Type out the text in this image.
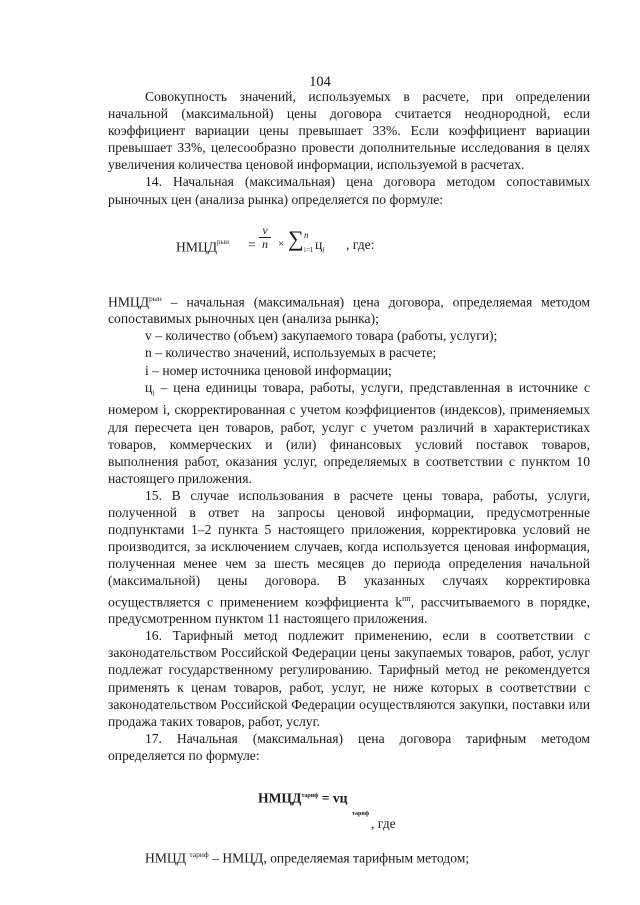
104

Совокупность значений, используемых в расчете, при определении начальной (максимальной) цены договора считается неоднородной, если коэффициент вариации цены превышает 33%. Если коэффициент вариации превышает 33%, целесообразно провести дополнительные исследования в целях увеличения количества ценовой информации, используемой в расчетах.

14. Начальная (максимальная) цена договора методом сопоставимых рыночных цен (анализа рынка) определяется по формуле:

$НМЦД^{рын} = \frac{v}{n}$ × ∑ n
i=1 $ц_i$ , где:

$НМЦД^{рын}$ – начальная (максимальная) цена договора, определяемая методом сопоставимых рыночных цен (анализа рынка);

v – количество (объем) закупаемого товара (работы, услуги);

n – количество значений, используемых в расчете;

i – номер источника ценовой информации;

$ц_i$ – цена единицы товара, работы, услуги, представленная в источнике с номером i, скорректированная с учетом коэффициентов (индексов), применяемых для пересчета цен товаров, работ, услуг с учетом различий в характеристиках товаров, коммерческих и (или) финансовых условий поставок товаров, выполнения работ, оказания услуг, определяемых в соответствии с пунктом 10 настоящего приложения.

15. В случае использования в расчете цены товара, работы, услуги, полученной в ответ на запросы ценовой информации, предусмотренные подпунктами 1–2 пункта 5 настоящего приложения, корректировка условий не производится, за исключением случаев, когда используется ценовая информация, полученная менее чем за шесть месяцев до периода определения начальной (максимальной) цены договора. В указанных случаях корректировка осуществляется с применением коэффициента $k^{пп}$, рассчитываемого в порядке, предусмотренном пунктом 11 настоящего приложения.

16. Тарифный метод подлежит применению, если в соответствии с законодательством Российской Федерации цены закупаемых товаров, работ, услуг подлежат государственному регулированию. Тарифный метод не рекомендуется применять к ценам товаров, работ, услуг, не ниже которых в соответствии с законодательством Российской Федерации осуществляются закупки, поставки или продажа таких товаров, работ, услуг.

17. Начальная (максимальная) цена договора тарифным методом определяется по формуле:

$НМЦД^{тариф}$ = vц
тариф
, где

НМЦД $^{тариф}$ – НМЦД, определяемая тарифным методом;
